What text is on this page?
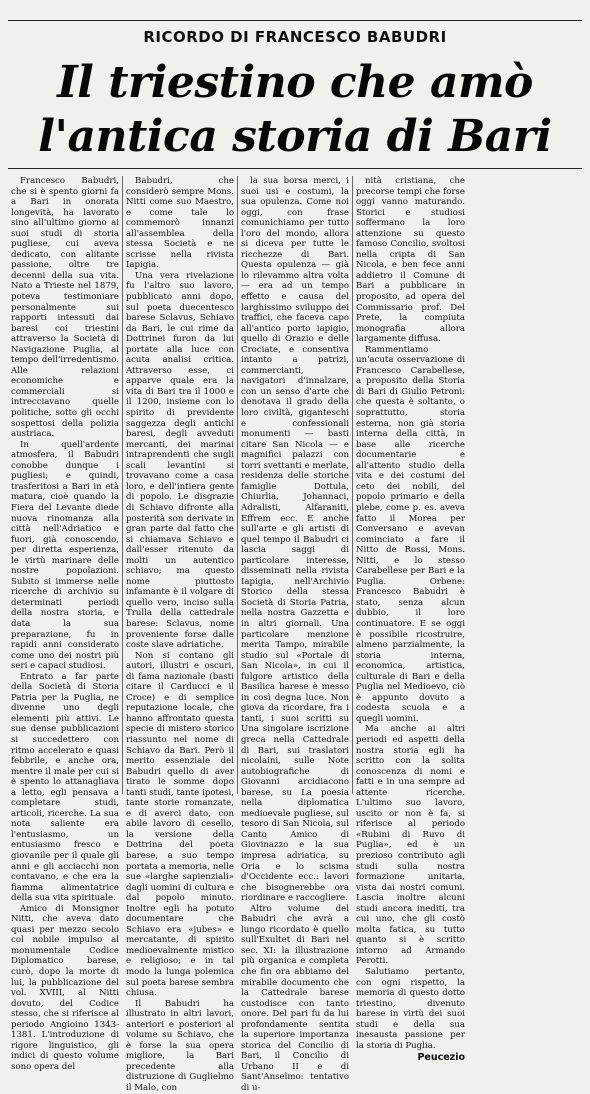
RICORDO DI FRANCESCO BABUDRI
Il triestino che amò
l'antica storia di Bari

Francesco Babudri, che si è spento giorni fa a Bari in onorata longevità, ha lavorato sino all'ultimo giorno ai suoi studi di storia pugliese, cui aveva dedicato, con alitante passione, oltre tre decenni della sua vita. Nato a Trieste nel 1879, poteva testimoniare personalmente sui rapporti intessuti dai baresi coi triestini attraverso la Società di Navigazione Puglia, al tempo dell'irredentismo. Alle relazioni economiche e commerciali si intrecciavano quelle politiche, sotto gli occhi sospettosi della polizia austriaca.

In quell'ardente atmosfera, il Babudri conobbe dunque i pugliesi; e quindi, trasferitosi a Bari in età matura, cioè quando la Fiera del Levante diede nuova rinomanza alla città nell'Adriatico e fuori, già conoscendo, per diretta esperienza, le virtù marinare delle nostre popolazioni. Subito si immerse nelle ricerche di archivio su determinati periodi della nostra storia, e data la sua preparazione, fu in rapidi anni considerato come uno dei nostri più seri e capaci studiosi.

Entrato a far parte della Società di Storia Patria per la Puglia, ne divenne uno degli elementi più attivi. Le sue dense pubblicazioni si succedettero con ritmo accelerato e quasi febbrile, e anche ora, mentre il male per cui si è spento lo attanagliava a letto, egli pensava a completare studi, articoli, ricerche. La sua nota saliente era l'entusiasmo, un entusiasmo fresco e giovanile per il quale gli anni e gli acciacchi non contavano, e che era la fiamma alimentatrice della sua vita spirituale.

Amico di Monsignor Nitti, che aveva dato quasi per mezzo secolo col nobile impulso al monumentale Codice Diplomatico barese, curò, dopo la morte di lui, la pubblicazione del vol. XVIII, al Nitti dovuto, del Codice stesso, che si riferisce al periodo Angioino 1343-1381. L'introduzione di rigore linguistico, gli indici di questo volume sono opera del

Babudri, che considerò sempre Mons. Nitti come suo Maestro, e come tale lo commemorò innanzi all'assemblea della stessa Società e ne scrisse nella rivista Iapigia.

Una vera rivelazione fu l'altro suo lavoro, pubblicato anni dopo, sul poeta duecentesco barese Sclavus, Schiavo da Bari, le cui rime da Dottrinei furon da lui portate alla luce con acuta analisi critica. Attraverso esse, ci apparve quale era la vita di Bari tra il 1000 e il 1200, insieme con lo spirito di previdente saggezza degli antichi baresi, degli avveduti mercanti, dei marinai intraprendenti che sugli scali levantini si trovavano come a casa loro, e dell'intiera gente di popolo. Le disgrazie di Schiavo difronte alla posterità son derivate in gran parte dal fatto che si chiamava Schiavo e dall'esser ritenuto da molti un autentico schiavo; ma questo nome piuttosto infamante è il volgare di quello vero, inciso sulla Trulla della cattedrale barese: Sclavus, nome proveniente forse dalle coste slave adriatiche.

Non si contano gli autori, illustri e oscuri, di fama nazionale (basti citare il Carducci e il Croce) e di semplice reputazione locale, che hanno affrontato questa specie di mistero storico riassunto nel nome di Schiavo da Bari. Però il merito essenziale del Babudri quello di aver tirato le somme dopo tanti studi, tante ipotesi, tante storie romanzate, e di averci dato, con abile lavoro di cesello, la versione della Dottrina del poeta barese, a suo tempo portata a memoria, nelle sue «larghe sapienziali» dagli uomini di cultura e dal popolo minuto. Inoltre egli ha potuto documentare che Schiavo era «jubes» e mercatante, di spirito medioevalmente mistico e religioso; e in tal modo la lunga polemica sul poeta barese sembra chiusa.

Il Babudri ha illustrato in altri lavori, anteriori e posteriori al volume su Schiavo, che è forse la sua opera migliore, la Bari precedente alla distruzione di Guglielmo il Malo, con

la sua borsa merci, i suoi usi e costumi, la sua opulenza. Come noi oggi, con frase comunichiamo per tutto l'oro del mondo, allora si diceva per tutte le ricchezze di Bari. Questa opulenza — già lo rilevammo altra volta — era ad un tempo effetto e causa del larghissimo sviluppo dei traffici, che faceva capo all'antico porto iapigio, quello di Orazio e delle Crociate, e consentiva intanto a patrizi, commercianti, navigatori d'innalzare, con un senso d'arte che denotava il grado della loro civiltà, giganteschi e confessionali monumenti — basti citare San Nicola — e magnifici palazzi con torri svettanti e merlate, residenza delle storiche famiglie Dottula, Chiurlia, Johannaci, Adralisti, Alfaraniti, Effrem ecc. E anche sull'arte e gli artisti di quel tempo il Babudri ci lascia saggi di particolare interesse, disseminati nella rivista Iapigia, nell'Archivio Storico della stessa Società di Storia Patria, nella nostra Gazzetta e in altri giornali. Una particolare menzione merita Tampo, mirabile studio sul «Portale di San Nicola», in cui il fulgore artistico della Basilica barese è messo in così degna luce. Non giova da ricordare, fra i tanti, i suoi scritti su Una singolare iscrizione greca nella Cattedrale di Bari, sui traslatori nicolaini, sulle Note autobiografiche di Giovanni arcidiacono barese, su La poesia nella diplomatica medioevale pugliese, sul tesoro di San Nicola, sul Canto Amico di Giovinazzo e la sua impresa adriatica, su Oria e lo scisma d'Occidente ecc.: lavori che bisognerebbe ora riordinare e raccogliere.

Altro volume del Babudri che avrà a lungo ricordato è quello sull'Exultet di Bari nel sec. XI: la illustrazione più organica e completa che fin ora abbiamo del mirabile documento che la Cattedrale barese custodisce con tanto onore. Del pari fu da lui profondamente sentita la superiore importanza storica del Concilio di Bari, il Concilio di Urbano II e di Sant'Anselmo: tentativo di u-

nità cristiana, che precorse tempi che forse oggi vanno maturando. Storici e studiosi soffermano la loro attenzione su questo famoso Concilio, svoltosi nella cripta di San Nicola, e ben fece anni addietro il Comune di Bari a pubblicare in proposito, ad opera del Commissario prof. Del Prete, la compiuta monografia allora largamente diffusa.

Rammentiamo un'acuta osservazione di Francesco Carabellese, a proposito della Storia di Bari di Giulio Petroni: che questa è soltanto, o soprattutto, storia esterna, non già storia interna della città, in base alle ricerche documentarie e all'attento studio della vita e dei costumi del ceto dei nobili, del popolo primario e della plebe, come p. es. aveva fatto il Morea per Conversano e avevan cominciato a fare il Nitto de Rossi, Mons. Nitti, e lo stesso Carabellese per Bari e la Puglia. Orbene: Francesco Babudri è stato, senza alcun dubbio, il loro continuatore. E se oggi è possibile ricostruire, almeno parzialmente, la storia interna, economica, artistica, culturale di Bari e della Puglia nel Medioevo, ciò è appunto dovuto a codesta scuola e a quegli uomini.

Ma anche ai altri periodi ed aspetti della nostra storia egli ha scritto con la solita conoscenza di nomi e fatti e in una sempre ad attente ricerche. L'ultimo suo lavoro, uscito or non è fa, si riferisce al periodo «Rubini di Ruvo di Puglia», ed è un prezioso contributo agli studi sulla nostra formazione unitaria, vista dai nostri comuni. Lascia inoltre alcuni studi ancora inediti, tra cui uno, che gli costò molta fatica, su tutto quanto si è scritto intorno ad Armando Perotti.

Salutiamo pertanto, con ogni rispetto, la memoria di questo dotto triestino, divenuto barese in virtù dei suoi studi e della sua inesausta passione per la storia di Puglia.

Peucezio
